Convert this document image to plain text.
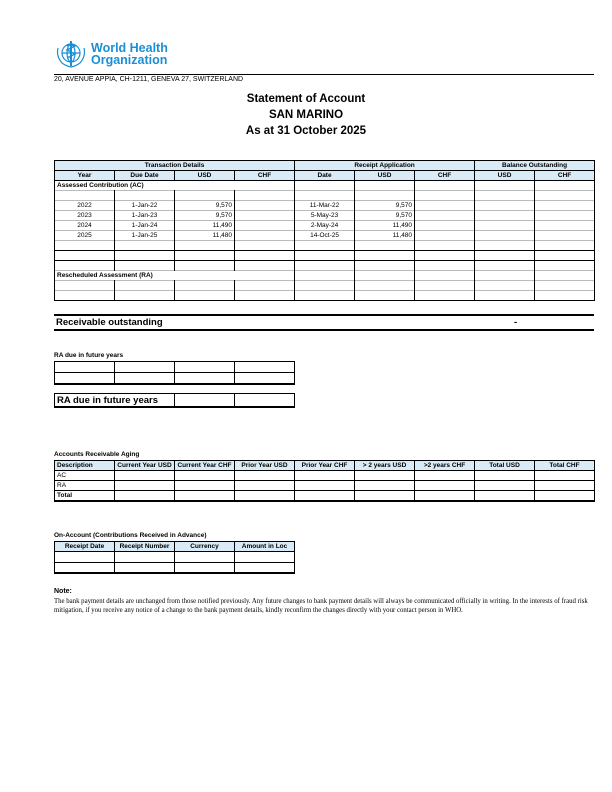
World Health
Organization
20, AVENUE APPIA, CH-1211, GENEVA 27, SWITZERLAND
Statement of Account
SAN MARINO
As at 31 October 2025
Transaction Details				Receipt Application			Balance Outstanding	
Year	Due Date	USD	CHF	Date	USD	CHF	USD	CHF
Assessed Contribution (AC)								

2022	1-Jan-22	9,570		11-Mar-22	9,570			
2023	1-Jan-23	9,570		5-May-23	9,570			
2024	1-Jan-24	11,490		2-May-24	11,490			
2025	1-Jan-25	11,480		14-Oct-25	11,480			

Rescheduled Assessment (RA)								

Receivable outstanding	-
RA due in future years

RA due in future years		
Accounts Receivable Aging
Description	Current Year USD	Current Year CHF	Prior Year USD	Prior Year CHF	> 2 years USD	>2 years CHF	Total USD	Total CHF
AC								
RA								
Total								
On-Account (Contributions Received in Advance)
Receipt Date	Receipt Number	Currency	Amount in Loc

Note:
The bank payment details are unchanged from those notified previously. Any future changes to bank payment details will always be communicated officially in writing. In the interests of fraud risk mitigation, if you receive any notice of a change to the bank payment details, kindly reconfirm the changes directly with your contact person in WHO.
